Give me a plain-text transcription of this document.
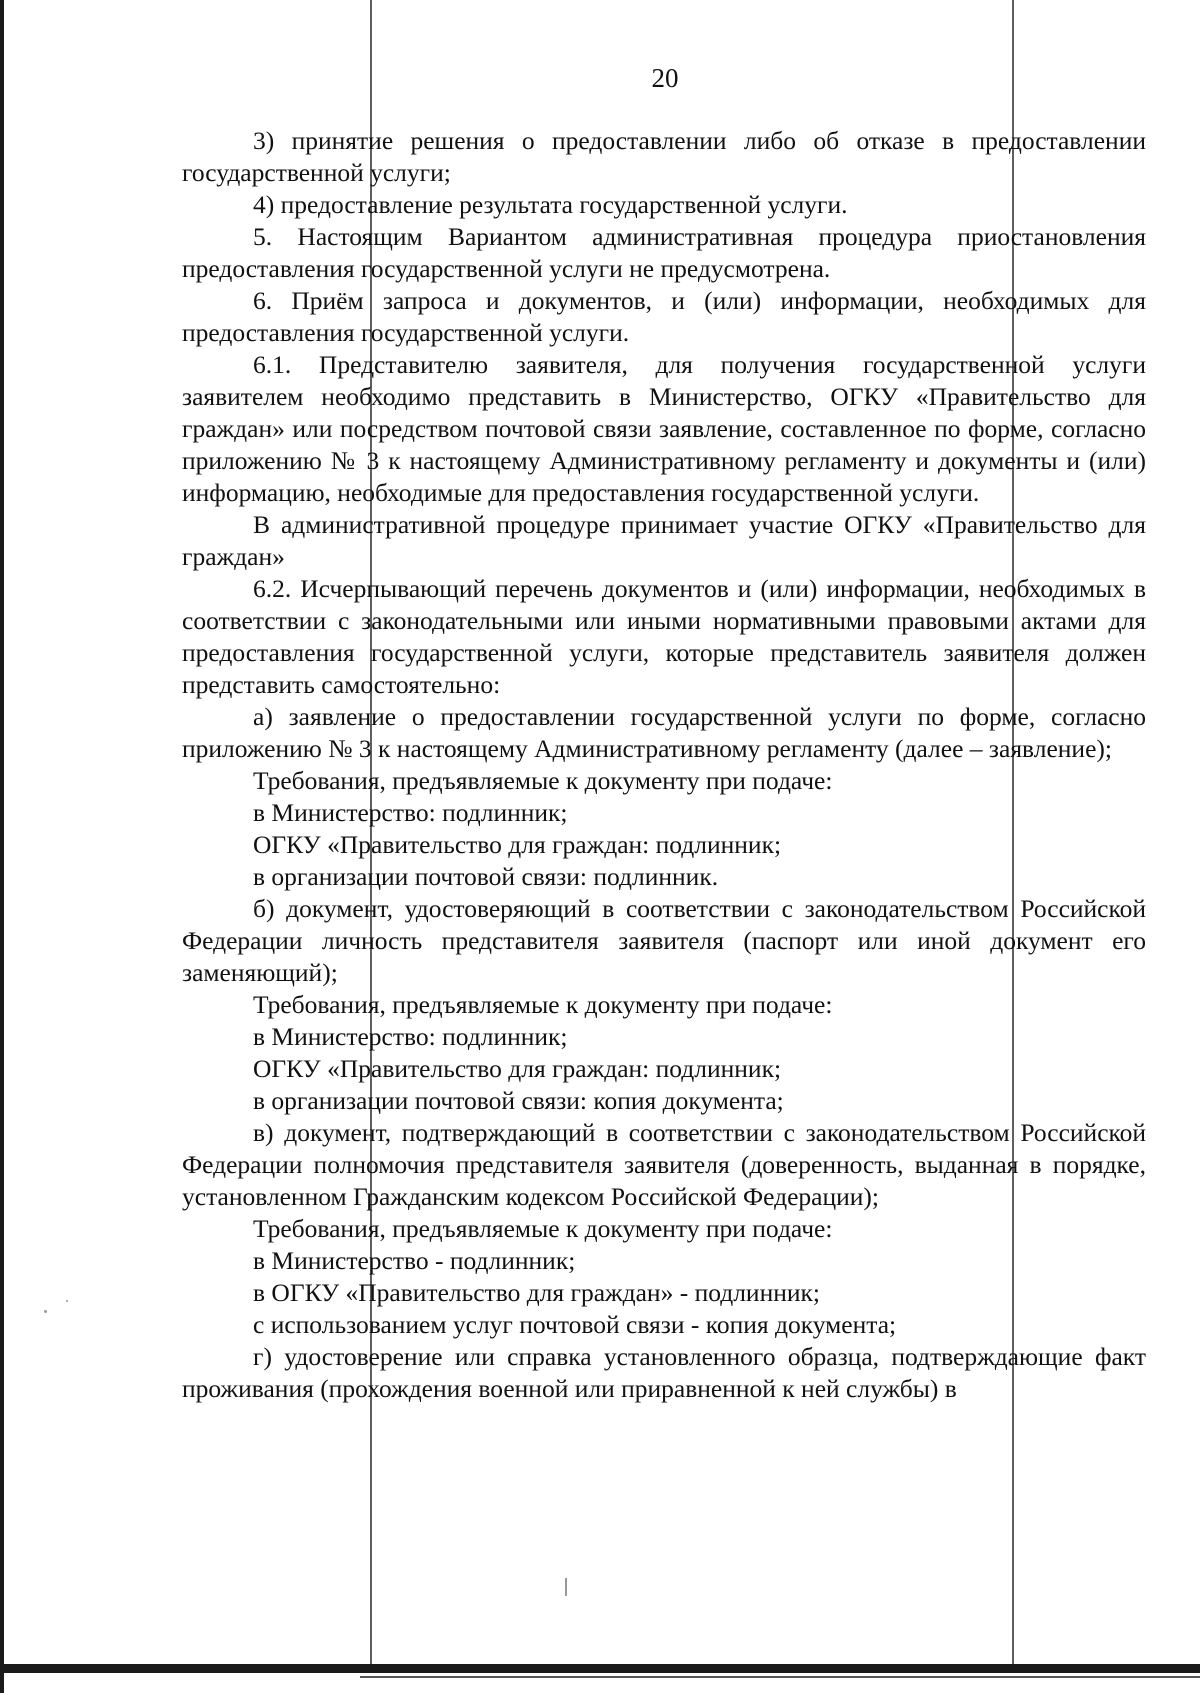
20

3) принятие решения о предоставлении либо об отказе в предоставлении государственной услуги;

4) предоставление результата государственной услуги.

5. Настоящим Вариантом административная процедура приостановления предоставления государственной услуги не предусмотрена.

6. Приём запроса и документов, и (или) информации, необходимых для предоставления государственной услуги.

6.1. Представителю заявителя, для получения государственной услуги заявителем необходимо представить в Министерство, ОГКУ «Правительство для граждан» или посредством почтовой связи заявление, составленное по форме, согласно приложению № 3 к настоящему Административному регламенту и документы и (или) информацию, необходимые для предоставления государственной услуги.

В административной процедуре принимает участие ОГКУ «Правительство для граждан»

6.2. Исчерпывающий перечень документов и (или) информации, необходимых в соответствии с законодательными или иными нормативными правовыми актами для предоставления государственной услуги, которые представитель заявителя должен представить самостоятельно:

а) заявление о предоставлении государственной услуги по форме, согласно приложению № 3 к настоящему Административному регламенту (далее – заявление);

Требования, предъявляемые к документу при подаче:

в Министерство: подлинник;

ОГКУ «Правительство для граждан: подлинник;

в организации почтовой связи: подлинник.

б) документ, удостоверяющий в соответствии с законодательством Российской Федерации личность представителя заявителя (паспорт или иной документ его заменяющий);

Требования, предъявляемые к документу при подаче:

в Министерство: подлинник;

ОГКУ «Правительство для граждан: подлинник;

в организации почтовой связи: копия документа;

в) документ, подтверждающий в соответствии с законодательством Российской Федерации полномочия представителя заявителя (доверенность, выданная в порядке, установленном Гражданским кодексом Российской Федерации);

Требования, предъявляемые к документу при подаче:

в Министерство - подлинник;

в ОГКУ «Правительство для граждан» - подлинник;

с использованием услуг почтовой связи - копия документа;

г) удостоверение или справка установленного образца, подтверждающие факт проживания (прохождения военной или приравненной к ней службы) в
